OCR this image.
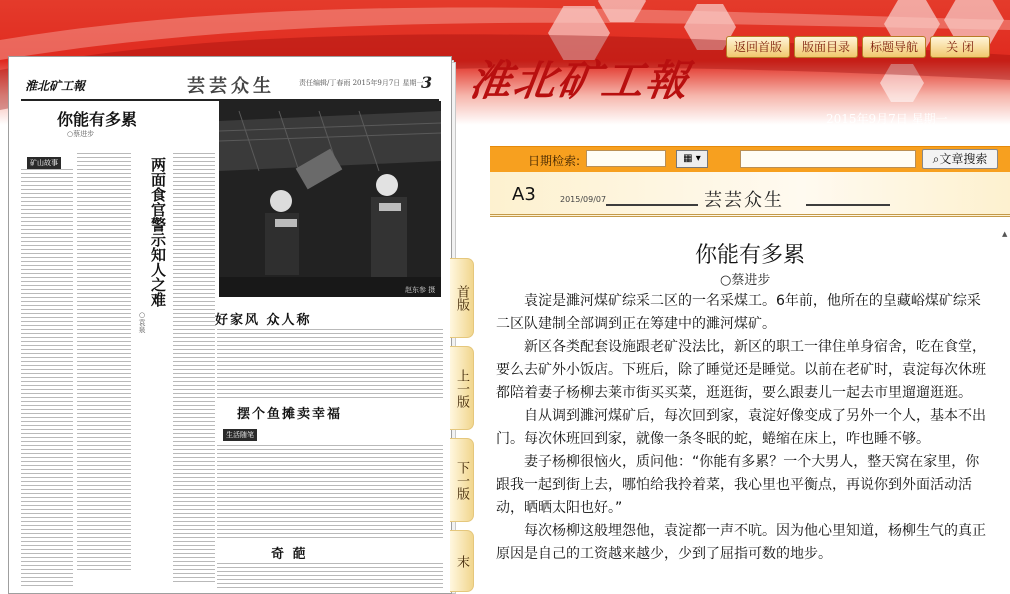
返回首版	版面目录	标题导航	关 闭
淮北矿工報
2015年9月7日 星期一
日期检索:	▦ ▾	⌕文章搜索
淮北矿工報	芸芸众生	责任编辑/丁春雨 2015年9月7日 星期一
3
你能有多累
○蔡进步
矿山故事	两面食官警示知人之难
○袁泉
赵东参 摄
好家风 众人称
摆个鱼摊卖幸福
生活随笔
奇 葩
首版
上一版
下一版
末
A3	2015/09/07	芸芸众生
你能有多累
○蔡进步

袁淀是濉河煤矿综采二区的一名采煤工。6年前，他所在的皇藏峪煤矿综采二区队建制全部调到正在筹建中的濉河煤矿。

新区各类配套设施跟老矿没法比，新区的职工一律住单身宿舍，吃在食堂，要么去矿外小饭店。下班后，除了睡觉还是睡觉。以前在老矿时，袁淀每次休班都陪着妻子杨柳去莱市街买买菜，逛逛街，要么跟妻儿一起去市里遛遛逛逛。

自从调到濉河煤矿后，每次回到家，袁淀好像变成了另外一个人，基本不出门。每次休班回到家，就像一条冬眠的蛇，蜷缩在床上，咋也睡不够。

妻子杨柳很恼火，质问他：“你能有多累？一个大男人，整天窝在家里，你跟我一起到街上去，哪怕给我拎着菜，我心里也平衡点，再说你到外面活动活动，晒晒太阳也好。”

每次杨柳这般埋怨他，袁淀都一声不吭。因为他心里知道，杨柳生气的真正原因是自己的工资越来越少，少到了屈指可数的地步。

▲
